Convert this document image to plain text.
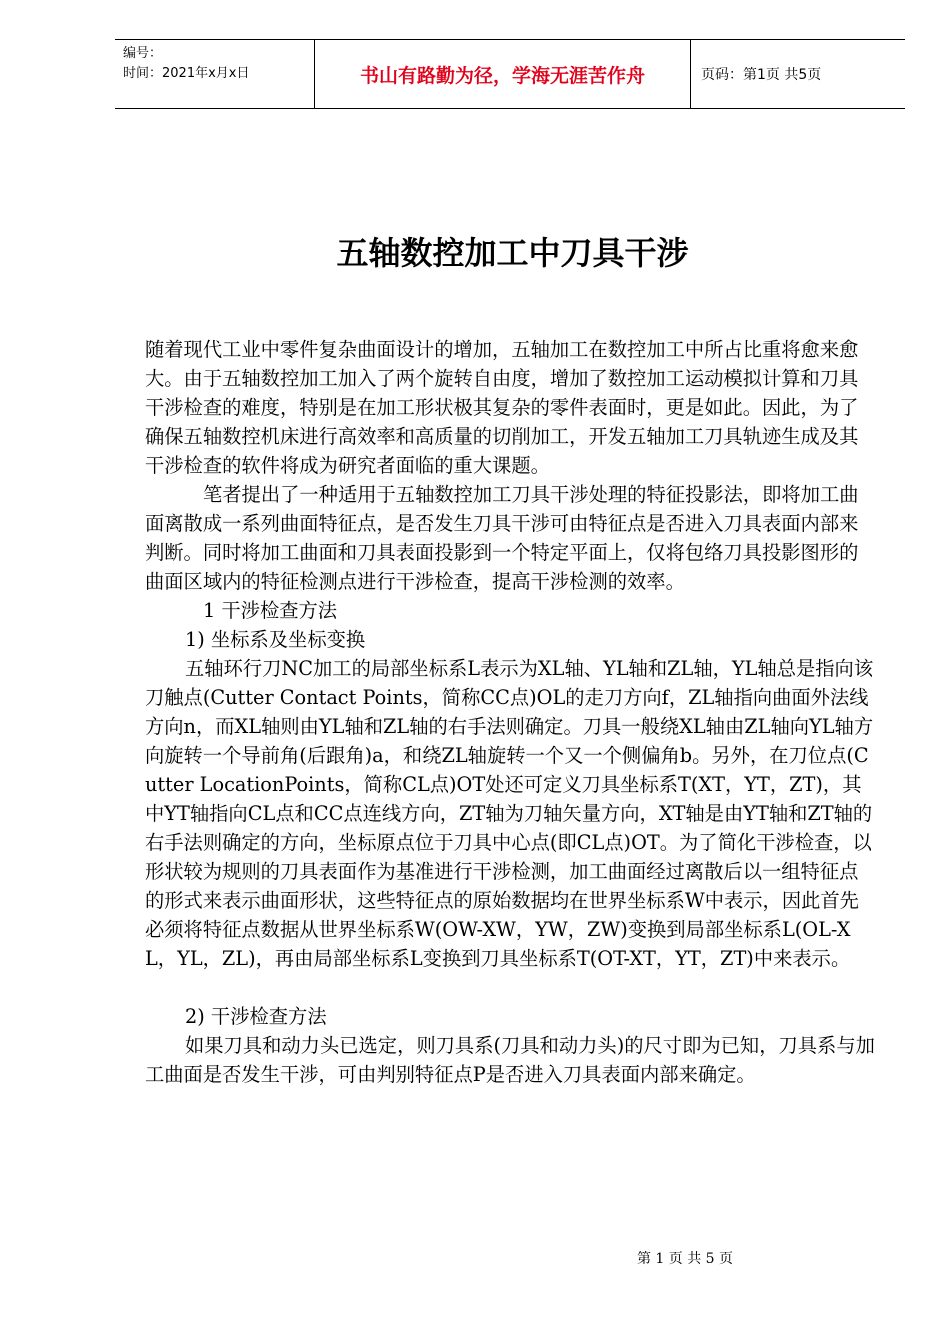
编号：
时间：2021年x月x日	书山有路勤为径，学海无涯苦作舟	页码：第1页 共5页
五轴数控加工中刀具干涉

随着现代工业中零件复杂曲面设计的增加，五轴加工在数控加工中所占比重将愈来愈大。由于五轴数控加工加入了两个旋转自由度，增加了数控加工运动模拟计算和刀具干涉检查的难度，特别是在加工形状极其复杂的零件表面时，更是如此。因此，为了确保五轴数控机床进行高效率和高质量的切削加工，开发五轴加工刀具轨迹生成及其干涉检查的软件将成为研究者面临的重大课题。

笔者提出了一种适用于五轴数控加工刀具干涉处理的特征投影法，即将加工曲面离散成一系列曲面特征点，是否发生刀具干涉可由特征点是否进入刀具表面内部来判断。同时将加工曲面和刀具表面投影到一个特定平面上，仅将包络刀具投影图形的曲面区域内的特征检测点进行干涉检查，提高干涉检测的效率。

1 干涉检查方法

1) 坐标系及坐标变换

五轴环行刀NC加工的局部坐标系L表示为XL轴、YL轴和ZL轴，YL轴总是指向该刀触点(Cutter Contact Points，简称CC点)OL的走刀方向f，ZL轴指向曲面外法线方向n，而XL轴则由YL轴和ZL轴的右手法则确定。刀具一般绕XL轴由ZL轴向YL轴方向旋转一个导前角(后跟角)a，和绕ZL轴旋转一个又一个侧偏角b。另外，在刀位点(Cutter LocationPoints，简称CL点)OT处还可定义刀具坐标系T(XT，YT，ZT)，其中YT轴指向CL点和CC点连线方向，ZT轴为刀轴矢量方向，XT轴是由YT轴和ZT轴的右手法则确定的方向，坐标原点位于刀具中心点(即CL点)OT。为了简化干涉检查，以形状较为规则的刀具表面作为基准进行干涉检测，加工曲面经过离散后以一组特征点的形式来表示曲面形状，这些特征点的原始数据均在世界坐标系W中表示，因此首先必须将特征点数据从世界坐标系W(OW-XW，YW，ZW)变换到局部坐标系L(OL-XL，YL，ZL)，再由局部坐标系L变换到刀具坐标系T(OT-XT，YT，ZT)中来表示。

2) 干涉检查方法

如果刀具和动力头已选定，则刀具系(刀具和动力头)的尺寸即为已知，刀具系与加工曲面是否发生干涉，可由判别特征点P是否进入刀具表面内部来确定。

第 1 页 共 5 页
